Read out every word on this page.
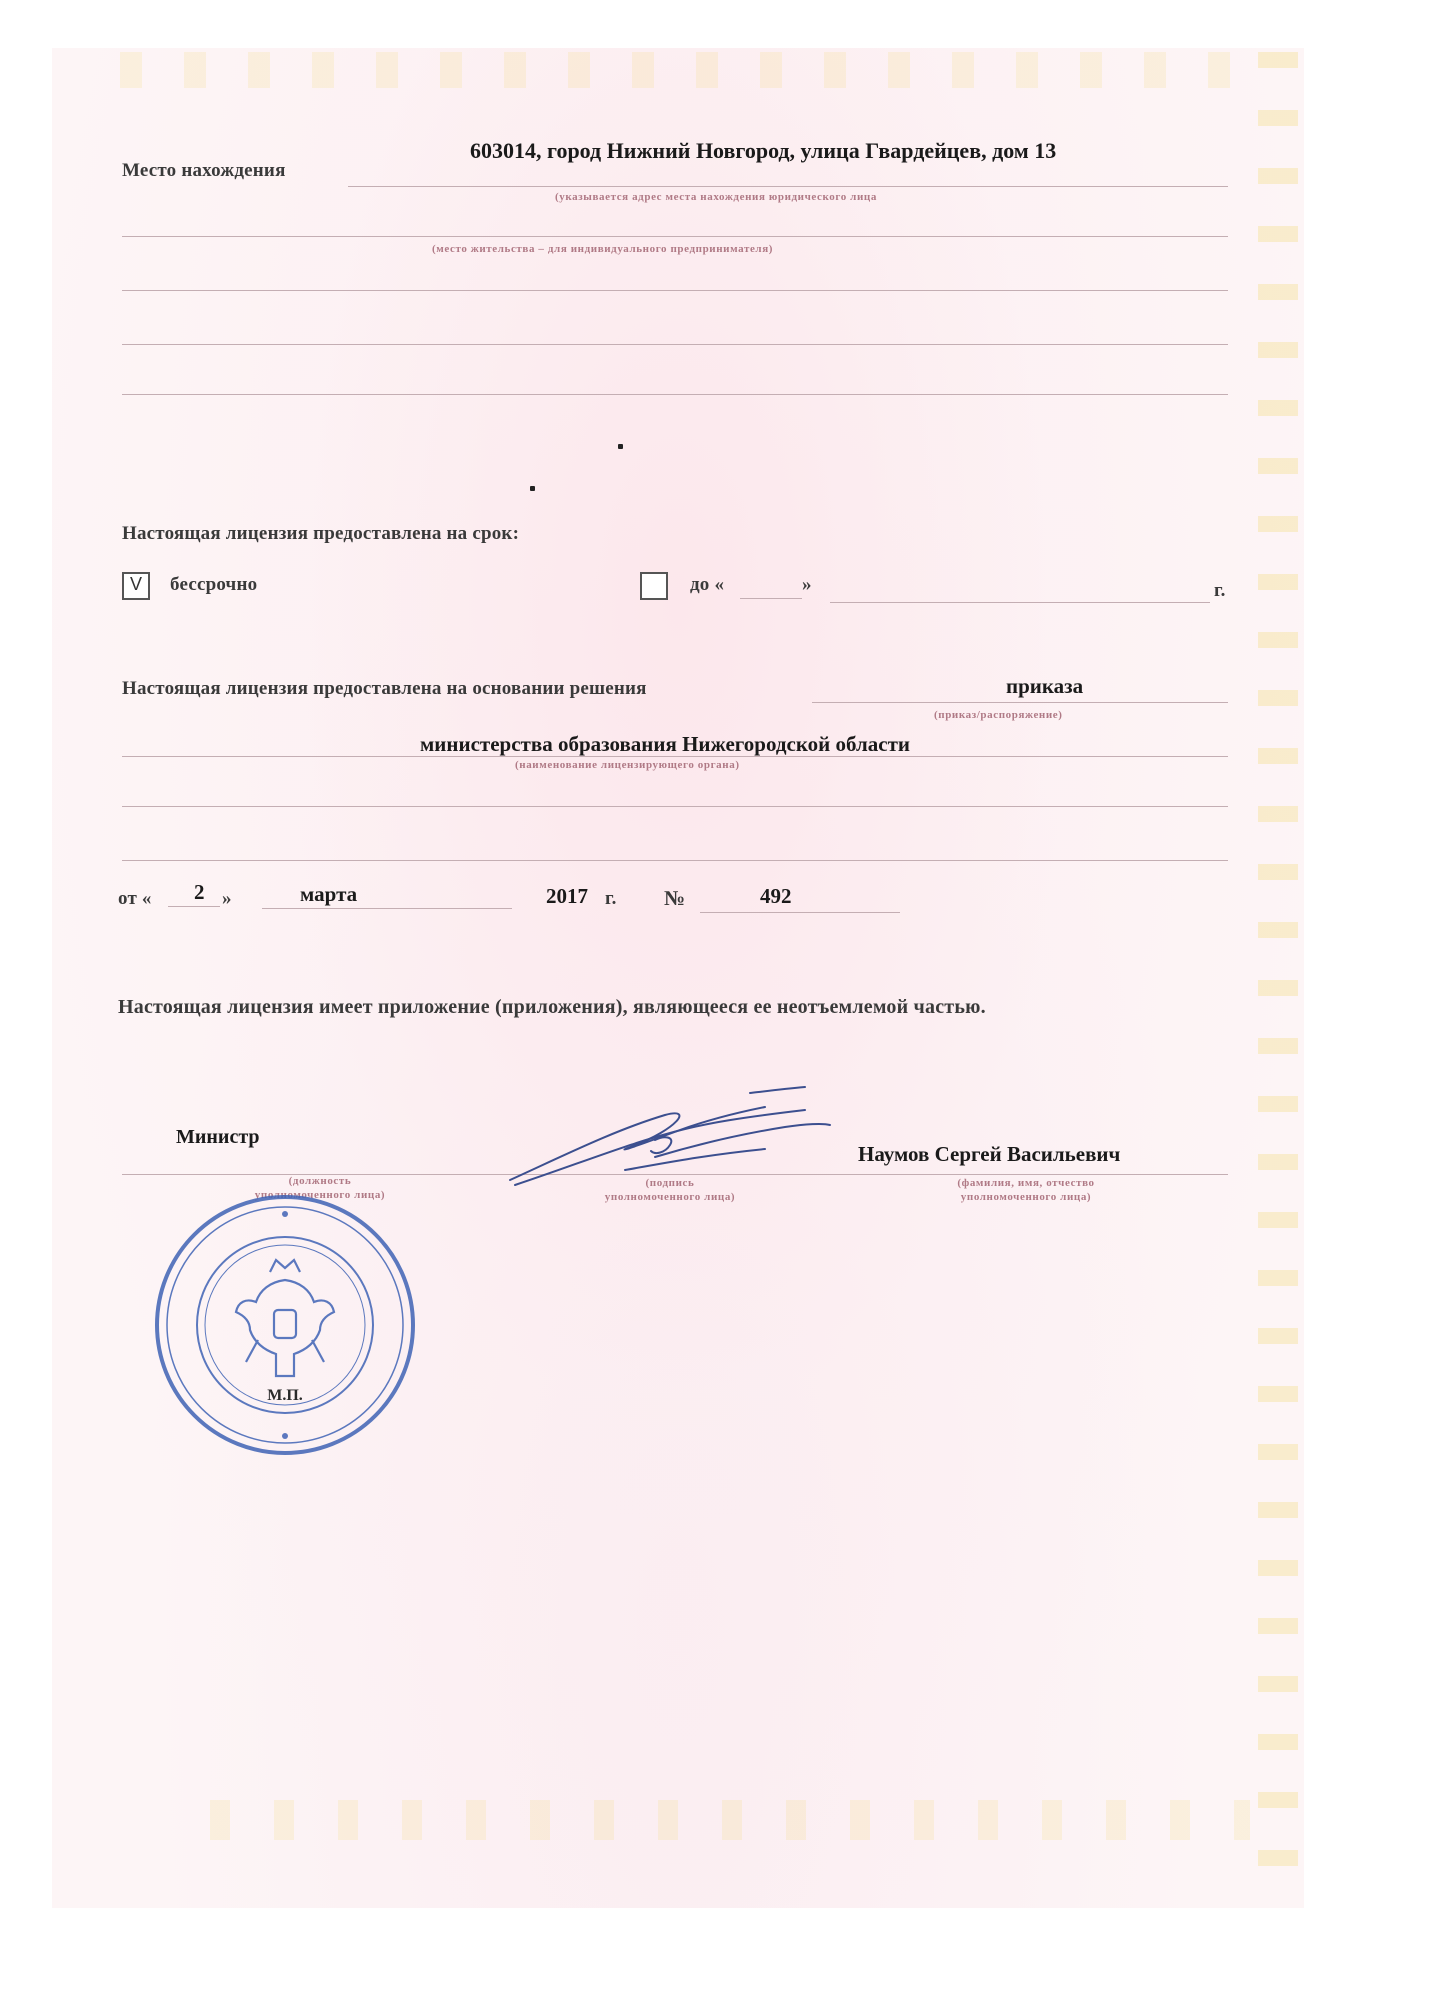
Место нахождения
603014, город Нижний Новгород, улица Гвардейцев, дом 13
(указывается адрес места нахождения юридического лица
(место жительства – для индивидуального предпринимателя)
Настоящая лицензия предоставлена на срок:
V бессрочно	до «	»	г.
Настоящая лицензия предоставлена на основании решения	приказа
(приказ/распоряжение)
министерства образования Нижегородской области
(наименование лицензирующего органа)
от « 2 »	марта	2017 г. №	492
Настоящая лицензия имеет приложение (приложения), являющееся ее неотъемлемой частью.
Министр
(должность
уполномоченного лица)
(подпись
уполномоченного лица)
Наумов Сергей Васильевич
(фамилия, имя, отчество
уполномоченного лица)
М.П.
